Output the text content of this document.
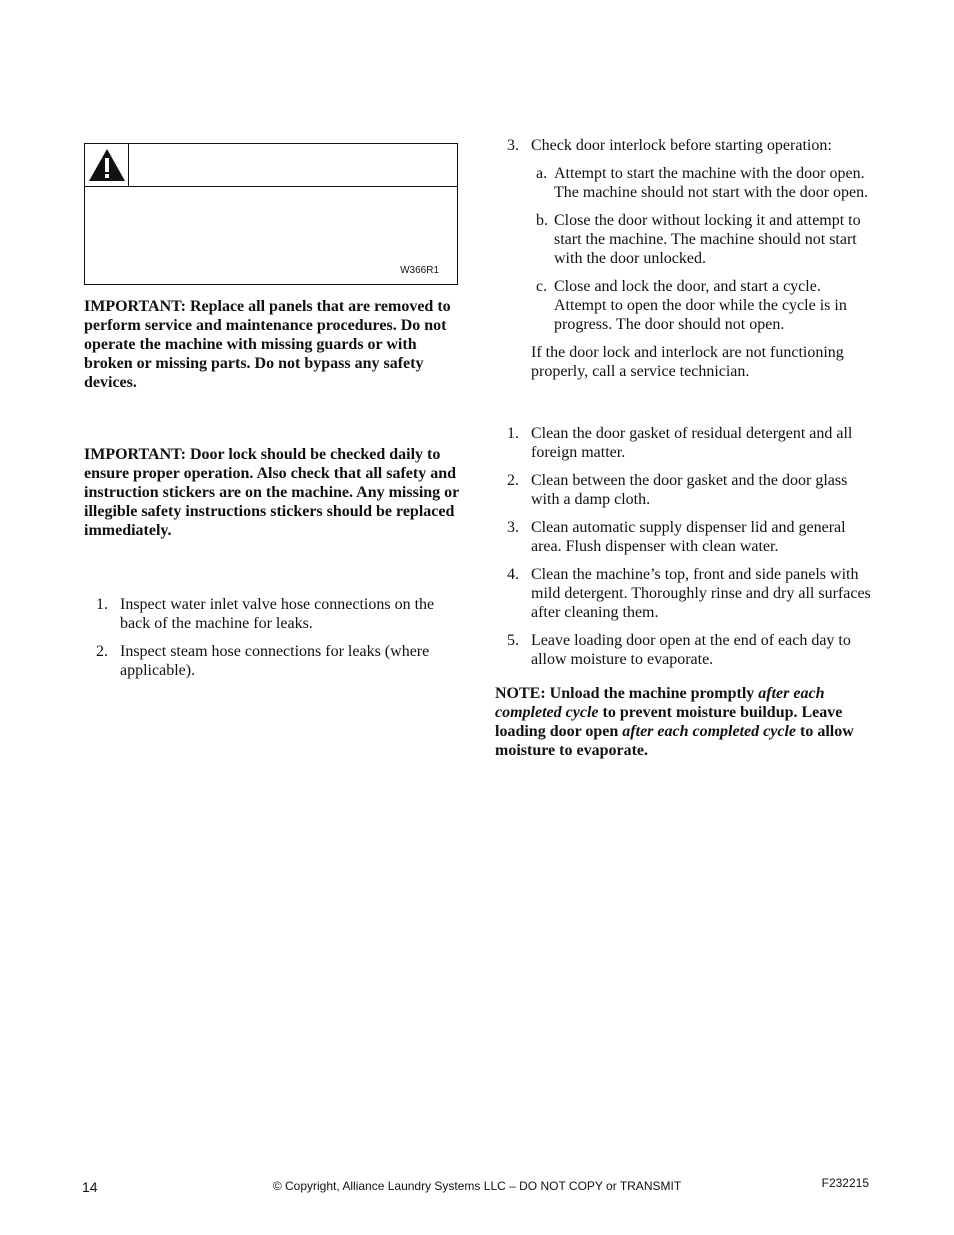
W366R1

IMPORTANT: Replace all panels that are removed to perform service and maintenance procedures. Do not operate the machine with missing guards or with broken or missing parts. Do not bypass any safety devices.

IMPORTANT: Door lock should be checked daily to ensure proper operation. Also check that all safety and instruction stickers are on the machine. Any missing or illegible safety instructions stickers should be replaced immediately.

1. Inspect water inlet valve hose connections on the back of the machine for leaks.
2. Inspect steam hose connections for leaks (where applicable).
3. Check door interlock before starting operation:
a. Attempt to start the machine with the door open. The machine should not start with the door open.
b. Close the door without locking it and attempt to start the machine. The machine should not start with the door unlocked.
c. Close and lock the door, and start a cycle. Attempt to open the door while the cycle is in progress. The door should not open.

If the door lock and interlock are not functioning properly, call a service technician.

1. Clean the door gasket of residual detergent and all foreign matter.
2. Clean between the door gasket and the door glass with a damp cloth.
3. Clean automatic supply dispenser lid and general area. Flush dispenser with clean water.
4. Clean the machine’s top, front and side panels with mild detergent. Thoroughly rinse and dry all surfaces after cleaning them.
5. Leave loading door open at the end of each day to allow moisture to evaporate.

NOTE: Unload the machine promptly after each completed cycle to prevent moisture buildup. Leave loading door open after each completed cycle to allow moisture to evaporate.

14	© Copyright, Alliance Laundry Systems LLC – DO NOT COPY or TRANSMIT	F232215
